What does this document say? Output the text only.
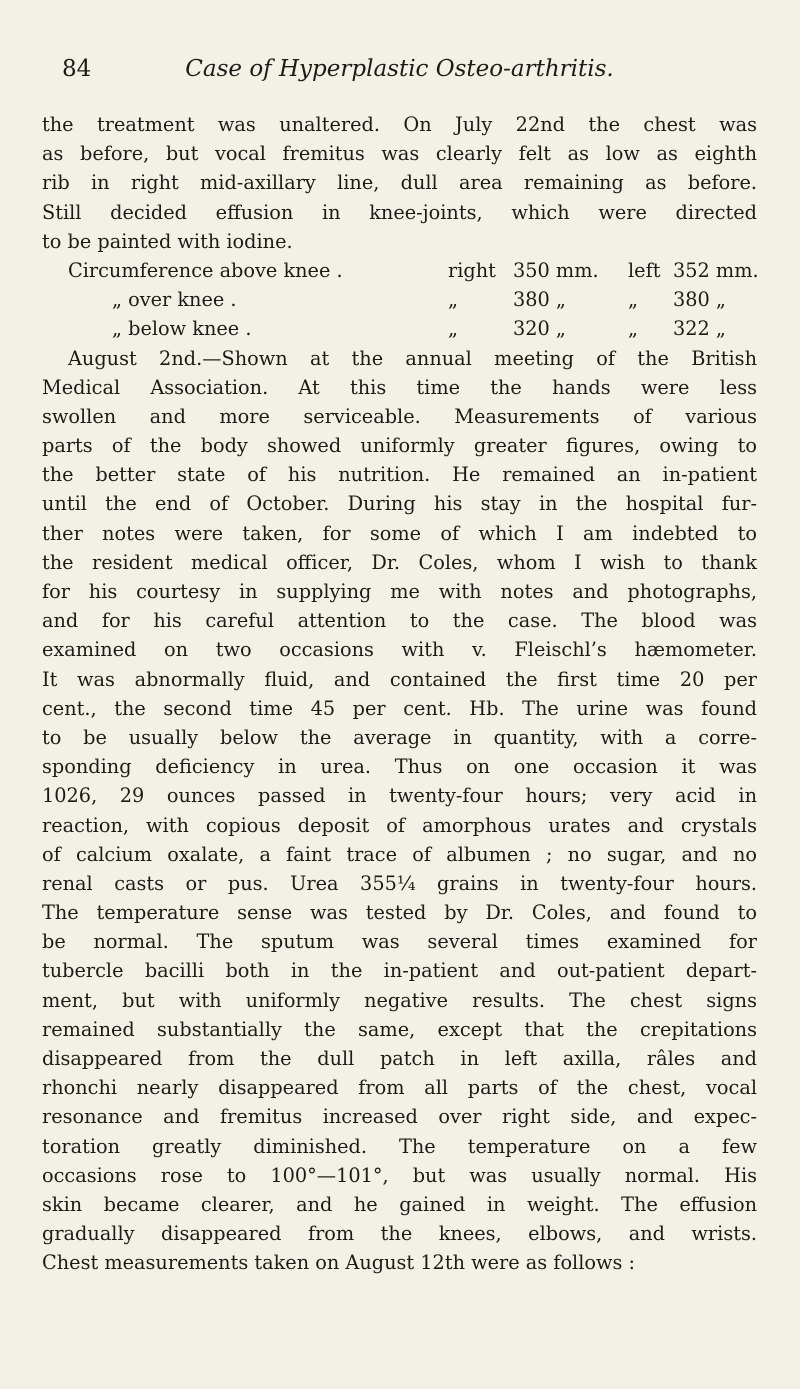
84	Case of Hyperplastic Osteo-arthritis.
the treatment was unaltered. On July 22nd the chest was
as before, but vocal fremitus was clearly felt as low as eighth
rib in right mid-axillary line, dull area remaining as before.
Still decided effusion in knee-joints, which were directed
to be painted with iodine.
Circumference above knee .	right 350 mm. left 352 mm.
„ over knee .	„	380 „	„ 380 „
„ below knee .	„	320 „	„ 322 „
August 2nd.—Shown at the annual meeting of the British
Medical Association. At this time the hands were less
swollen and more serviceable. Measurements of various
parts of the body showed uniformly greater figures, owing to
the better state of his nutrition. He remained an in-patient
until the end of October. During his stay in the hospital fur-
ther notes were taken, for some of which I am indebted to
the resident medical officer, Dr. Coles, whom I wish to thank
for his courtesy in supplying me with notes and photographs,
and for his careful attention to the case. The blood was
examined on two occasions with v. Fleischl’s hæmometer.
It was abnormally fluid, and contained the first time 20 per
cent., the second time 45 per cent. Hb. The urine was found
to be usually below the average in quantity, with a corre-
sponding deficiency in urea. Thus on one occasion it was
1026, 29 ounces passed in twenty-four hours; very acid in
reaction, with copious deposit of amorphous urates and crystals
of calcium oxalate, a faint trace of albumen ; no sugar, and no
renal casts or pus. Urea 355¼ grains in twenty-four hours.
The temperature sense was tested by Dr. Coles, and found to
be normal. The sputum was several times examined for
tubercle bacilli both in the in-patient and out-patient depart-
ment, but with uniformly negative results. The chest signs
remained substantially the same, except that the crepitations
disappeared from the dull patch in left axilla, râles and
rhonchi nearly disappeared from all parts of the chest, vocal
resonance and fremitus increased over right side, and expec-
toration greatly diminished. The temperature on a few
occasions rose to 100°—101°, but was usually normal. His
skin became clearer, and he gained in weight. The effusion
gradually disappeared from the knees, elbows, and wrists.
Chest measurements taken on August 12th were as follows :
